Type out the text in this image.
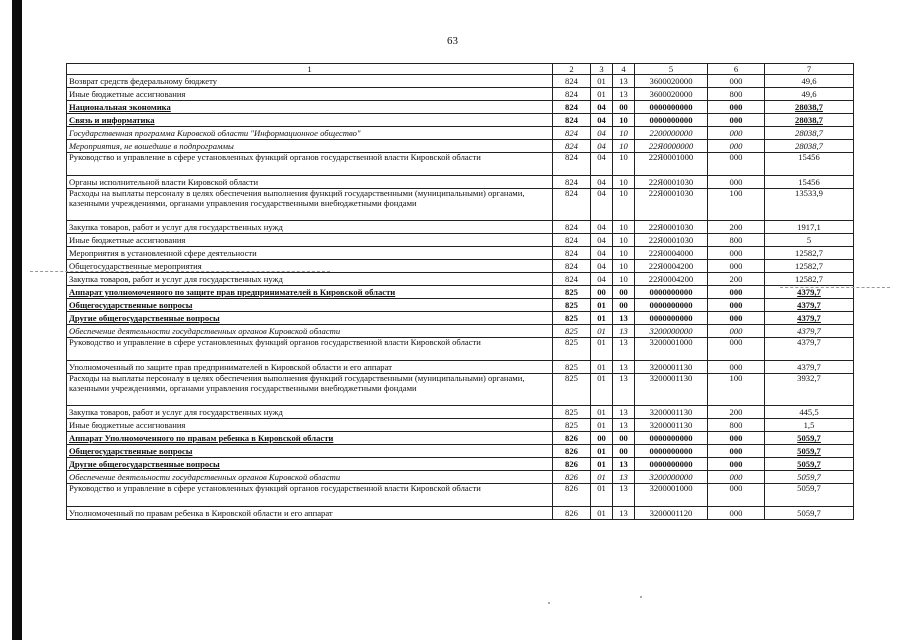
63
1	2	3	4	5	6	7
Возврат средств федеральному бюджету	824	01	13	3600020000	000	49,6
Иные бюджетные ассигнования	824	01	13	3600020000	800	49,6
Национальная экономика	824	04	00	0000000000	000	28038,7
Связь и информатика	824	04	10	0000000000	000	28038,7
Государственная программа Кировской области "Информационное общество"	824	04	10	2200000000	000	28038,7
Мероприятия, не вошедшие в подпрограммы	824	04	10	22Я0000000	000	28038,7
Руководство и управление в сфере установленных функций органов государственной власти Кировской области	824	04	10	22Я0001000	000	15456
Органы исполнительной власти Кировской области	824	04	10	22Я0001030	000	15456
Расходы на выплаты персоналу в целях обеспечения выполнения функций государственными (муниципальными) органами, казенными учреждениями, органами управления государственными внебюджетными фондами	824	04	10	22Я0001030	100	13533,9
Закупка товаров, работ и услуг для государственных нужд	824	04	10	22Я0001030	200	1917,1
Иные бюджетные ассигнования	824	04	10	22Я0001030	800	5
Мероприятия в установленной сфере деятельности	824	04	10	22Я0004000	000	12582,7
Общегосударственные мероприятия	824	04	10	22Я0004200	000	12582,7
Закупка товаров, работ и услуг для государственных нужд	824	04	10	22Я0004200	200	12582,7
Аппарат уполномоченного по защите прав предпринимателей в Кировской области	825	00	00	0000000000	000	4379,7
Общегосударственные вопросы	825	01	00	0000000000	000	4379,7
Другие общегосударственные вопросы	825	01	13	0000000000	000	4379,7
Обеспечение деятельности государственных органов Кировской области	825	01	13	3200000000	000	4379,7
Руководство и управление в сфере установленных функций органов государственной власти Кировской области	825	01	13	3200001000	000	4379,7
Уполномоченный по защите прав предпринимателей в Кировской области и его аппарат	825	01	13	3200001130	000	4379,7
Расходы на выплаты персоналу в целях обеспечения выполнения функций государственными (муниципальными) органами, казенными учреждениями, органами управления государственными внебюджетными фондами	825	01	13	3200001130	100	3932,7
Закупка товаров, работ и услуг для государственных нужд	825	01	13	3200001130	200	445,5
Иные бюджетные ассигнования	825	01	13	3200001130	800	1,5
Аппарат Уполномоченного по правам ребенка в Кировской области	826	00	00	0000000000	000	5059,7
Общегосударственные вопросы	826	01	00	0000000000	000	5059,7
Другие общегосударственные вопросы	826	01	13	0000000000	000	5059,7
Обеспечение деятельности государственных органов Кировской области	826	01	13	3200000000	000	5059,7
Руководство и управление в сфере установленных функций органов государственной власти Кировской области	826	01	13	3200001000	000	5059,7
Уполномоченный по правам ребенка в Кировской области и его аппарат	826	01	13	3200001120	000	5059,7
